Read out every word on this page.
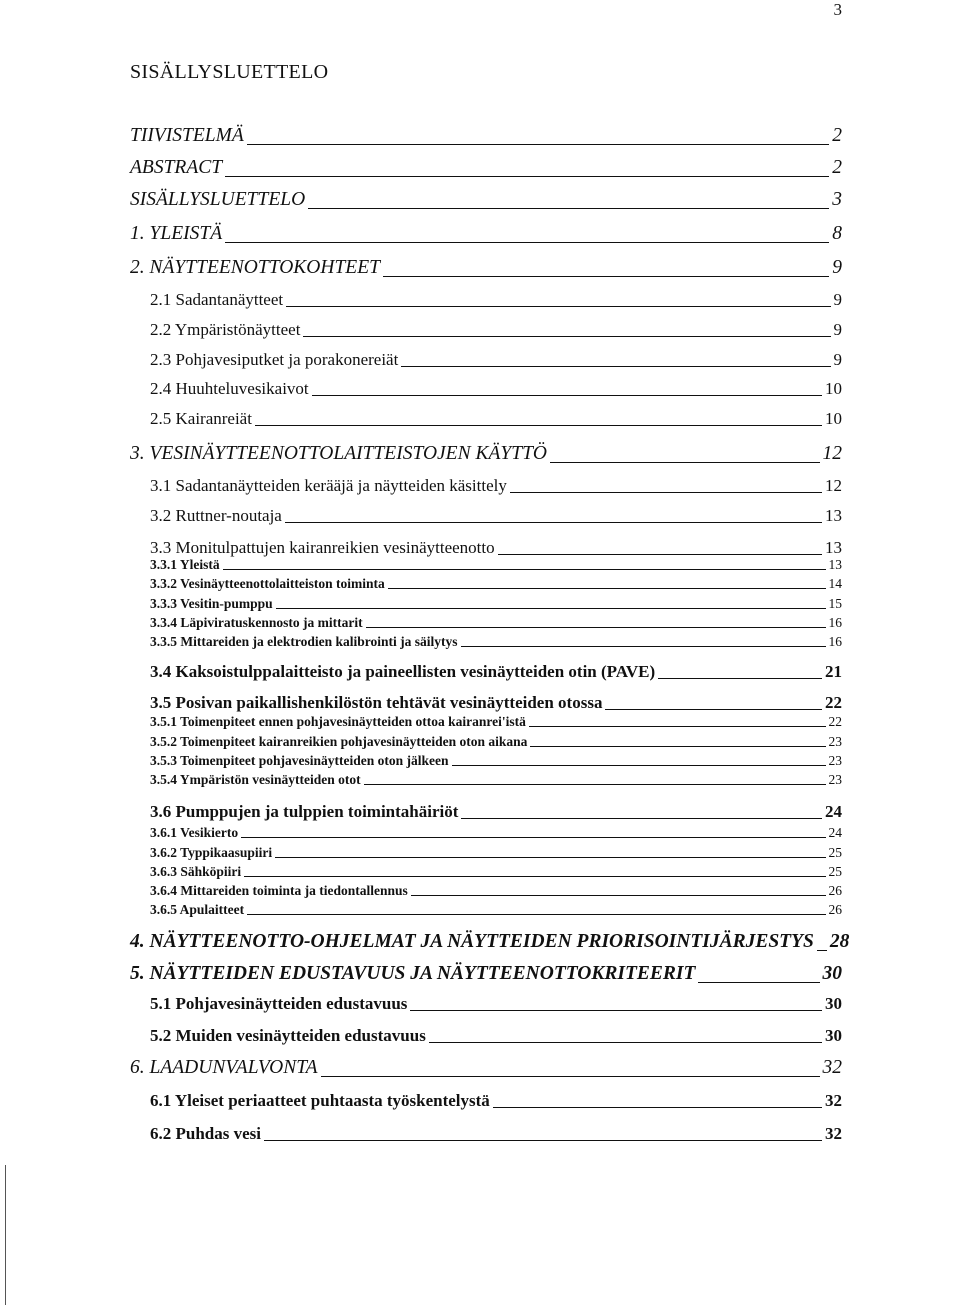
3
SISÄLLYSLUETTELO
TIIVISTELMÄ	2
ABSTRACT	2
SISÄLLYSLUETTELO	3
1. YLEISTÄ	8
2. NÄYTTEENOTTOKOHTEET	9
2.1 Sadantanäytteet	9
2.2 Ympäristönäytteet	9
2.3 Pohjavesiputket ja porakonereiät	9
2.4 Huuhteluvesikaivot	10
2.5 Kairanreiät	10
3. VESINÄYTTEENOTTOLAITTEISTOJEN KÄYTTÖ	12
3.1 Sadantanäytteiden kerääjä ja näytteiden käsittely	12
3.2 Ruttner-noutaja	13
3.3 Monitulpattujen kairanreikien vesinäytteenotto	13
3.3.1 Yleistä	13
3.3.2 Vesinäytteenottolaitteiston toiminta	14
3.3.3 Vesitin-pumppu	15
3.3.4 Läpiviratuskennosto ja mittarit	16
3.3.5 Mittareiden ja elektrodien kalibrointi ja säilytys	16
3.4 Kaksoistulppalaitteisto ja paineellisten vesinäytteiden otin (PAVE)	21
3.5 Posivan paikallishenkilöstön tehtävät vesinäytteiden otossa	22
3.5.1 Toimenpiteet ennen pohjavesinäytteiden ottoa kairanrei'istä	22
3.5.2 Toimenpiteet kairanreikien pohjavesinäytteiden oton aikana	23
3.5.3 Toimenpiteet pohjavesinäytteiden oton jälkeen	23
3.5.4 Ympäristön vesinäytteiden otot	23
3.6 Pumppujen ja tulppien toimintahäiriöt	24
3.6.1 Vesikierto	24
3.6.2 Typpikaasupiiri	25
3.6.3 Sähköpiiri	25
3.6.4 Mittareiden toiminta ja tiedontallennus	26
3.6.5 Apulaitteet	26
4. NÄYTTEENOTTO-OHJELMAT JA NÄYTTEIDEN PRIORISOINTIJÄRJESTYS 28
5. NÄYTTEIDEN EDUSTAVUUS JA NÄYTTEENOTTOKRITEERIT	30
5.1 Pohjavesinäytteiden edustavuus	30
5.2 Muiden vesinäytteiden edustavuus	30
6. LAADUNVALVONTA	32
6.1 Yleiset periaatteet puhtaasta työskentelystä	32
6.2 Puhdas vesi	32
